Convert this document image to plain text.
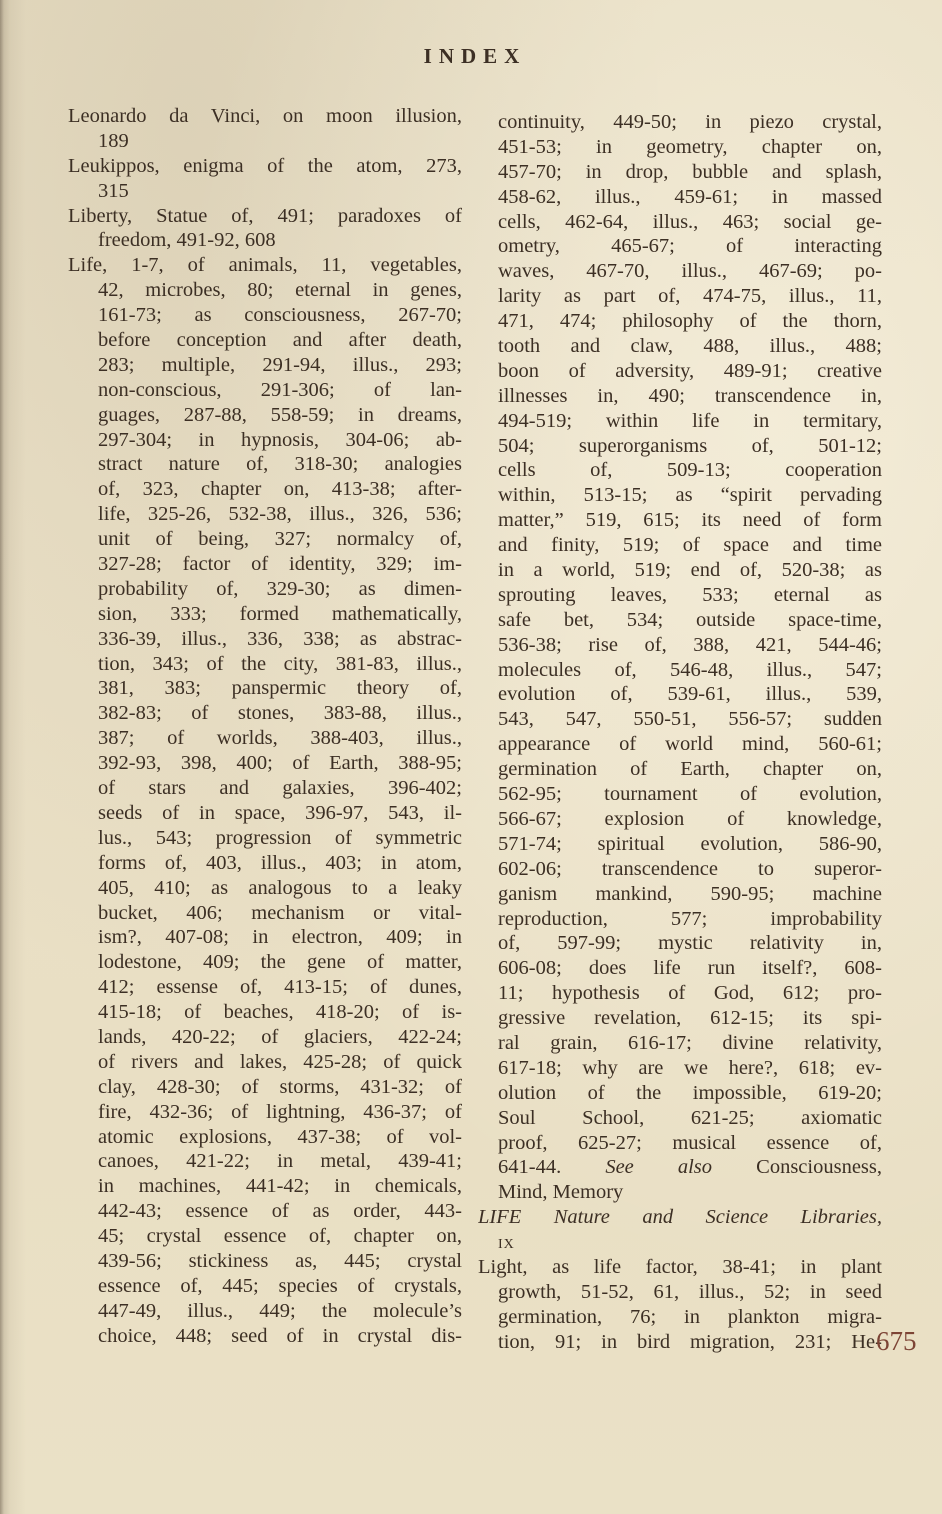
INDEX
Leonardo da Vinci, on moon illusion,
189
Leukippos, enigma of the atom, 273,
315
Liberty, Statue of, 491; paradoxes of
freedom, 491-92, 608
Life, 1-7, of animals, 11, vegetables,
42, microbes, 80; eternal in genes,
161-73; as consciousness, 267-70;
before conception and after death,
283; multiple, 291-94, illus., 293;
non-conscious, 291-306; of lan-
guages, 287-88, 558-59; in dreams,
297-304; in hypnosis, 304-06; ab-
stract nature of, 318-30; analogies
of, 323, chapter on, 413-38; after-
life, 325-26, 532-38, illus., 326, 536;
unit of being, 327; normalcy of,
327-28; factor of identity, 329; im-
probability of, 329-30; as dimen-
sion, 333; formed mathematically,
336-39, illus., 336, 338; as abstrac-
tion, 343; of the city, 381-83, illus.,
381, 383; panspermic theory of,
382-83; of stones, 383-88, illus.,
387; of worlds, 388-403, illus.,
392-93, 398, 400; of Earth, 388-95;
of stars and galaxies, 396-402;
seeds of in space, 396-97, 543, il-
lus., 543; progression of symmetric
forms of, 403, illus., 403; in atom,
405, 410; as analogous to a leaky
bucket, 406; mechanism or vital-
ism?, 407-08; in electron, 409; in
lodestone, 409; the gene of matter,
412; essense of, 413-15; of dunes,
415-18; of beaches, 418-20; of is-
lands, 420-22; of glaciers, 422-24;
of rivers and lakes, 425-28; of quick
clay, 428-30; of storms, 431-32; of
fire, 432-36; of lightning, 436-37; of
atomic explosions, 437-38; of vol-
canoes, 421-22; in metal, 439-41;
in machines, 441-42; in chemicals,
442-43; essence of as order, 443-
45; crystal essence of, chapter on,
439-56; stickiness as, 445; crystal
essence of, 445; species of crystals,
447-49, illus., 449; the molecule’s
choice, 448; seed of in crystal dis-
continuity, 449-50; in piezo crystal,
451-53; in geometry, chapter on,
457-70; in drop, bubble and splash,
458-62, illus., 459-61; in massed
cells, 462-64, illus., 463; social ge-
ometry, 465-67; of interacting
waves, 467-70, illus., 467-69; po-
larity as part of, 474-75, illus., 11,
471, 474; philosophy of the thorn,
tooth and claw, 488, illus., 488;
boon of adversity, 489-91; creative
illnesses in, 490; transcendence in,
494-519; within life in termitary,
504; superorganisms of, 501-12;
cells of, 509-13; cooperation
within, 513-15; as “spirit pervading
matter,” 519, 615; its need of form
and finity, 519; of space and time
in a world, 519; end of, 520-38; as
sprouting leaves, 533; eternal as
safe bet, 534; outside space-time,
536-38; rise of, 388, 421, 544-46;
molecules of, 546-48, illus., 547;
evolution of, 539-61, illus., 539,
543, 547, 550-51, 556-57; sudden
appearance of world mind, 560-61;
germination of Earth, chapter on,
562-95; tournament of evolution,
566-67; explosion of knowledge,
571-74; spiritual evolution, 586-90,
602-06; transcendence to superor-
ganism mankind, 590-95; machine
reproduction, 577; improbability
of, 597-99; mystic relativity in,
606-08; does life run itself?, 608-
11; hypothesis of God, 612; pro-
gressive revelation, 612-15; its spi-
ral grain, 616-17; divine relativity,
617-18; why are we here?, 618; ev-
olution of the impossible, 619-20;
Soul School, 621-25; axiomatic
proof, 625-27; musical essence of,
641-44. See also Consciousness,
Mind, Memory
LIFE Nature and Science Libraries,
ix
Light, as life factor, 38-41; in plant
growth, 51-52, 61, illus., 52; in seed
germination, 76; in plankton migra-
tion, 91; in bird migration, 231; He-
675
